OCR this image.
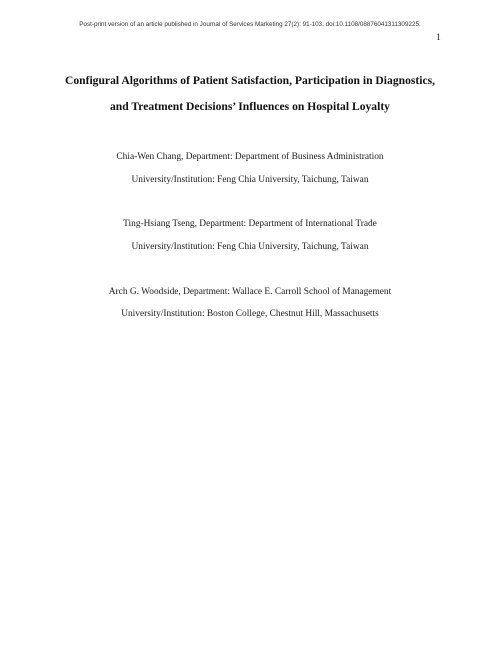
Post-print version of an article published in Journal of Services Marketing 27(2): 91-103. doi:10.1108/08876041311309225.
1
Configural Algorithms of Patient Satisfaction, Participation in Diagnostics,
and Treatment Decisions’ Influences on Hospital Loyalty
Chia-Wen Chang, Department: Department of Business Administration
University/Institution: Feng Chia University, Taichung, Taiwan
Ting-Hsiang Tseng, Department: Department of International Trade
University/Institution: Feng Chia University, Taichung, Taiwan
Arch G. Woodside, Department: Wallace E. Carroll School of Management
University/Institution: Boston College, Chestnut Hill, Massachusetts
